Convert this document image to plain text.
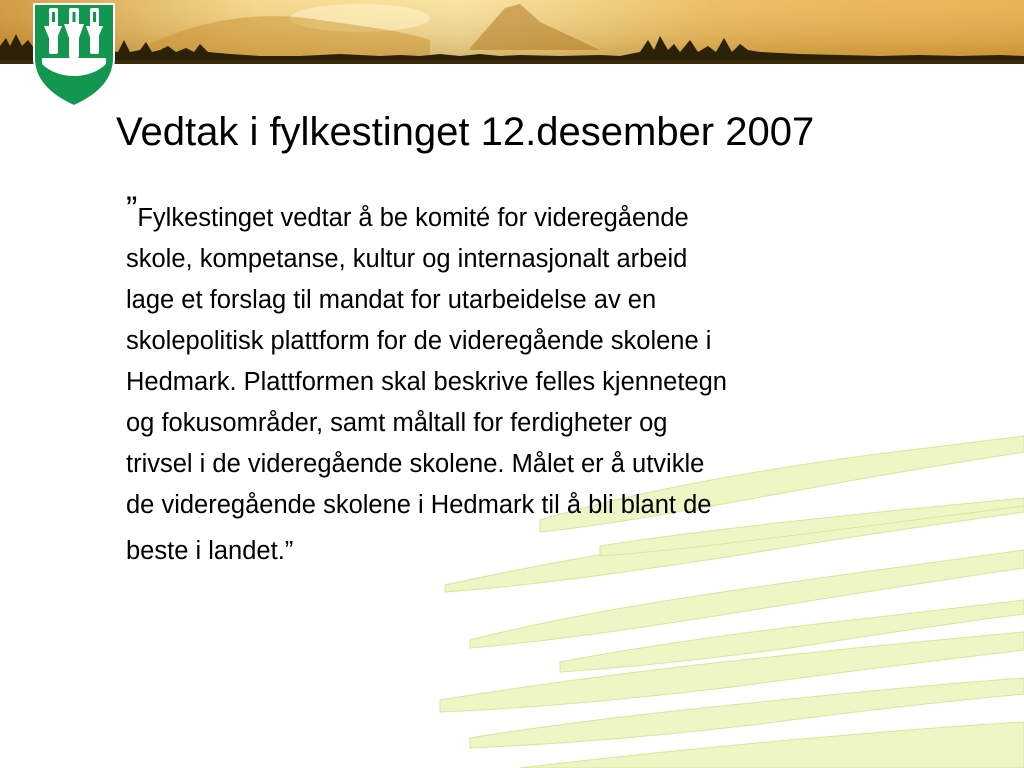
Vedtak i fylkestinget 12.desember 2007
”Fylkestinget vedtar å be komité for videregående
skole, kompetanse, kultur og internasjonalt arbeid
lage et forslag til mandat for utarbeidelse av en
skolepolitisk plattform for de videregående skolene i
Hedmark. Plattformen skal beskrive felles kjennetegn
og fokusområder, samt måltall for ferdigheter og
trivsel i de videregående skolene. Målet er å utvikle
de videregående skolene i Hedmark til å bli blant de
beste i landet.”
